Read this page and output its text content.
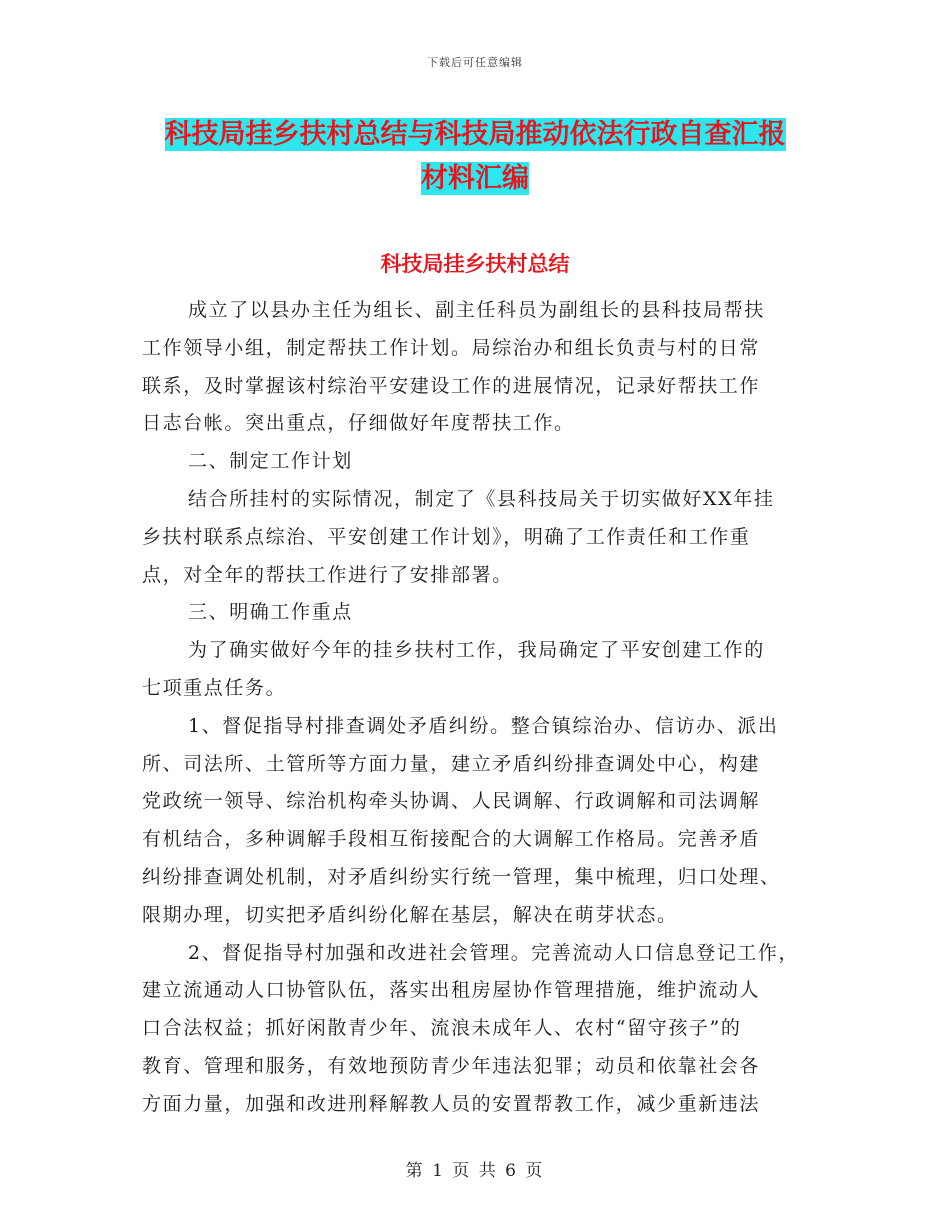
下载后可任意编辑
科技局挂乡扶村总结与科技局推动依法行政自查汇报
材料汇编
科技局挂乡扶村总结
成立了以县办主任为组长、副主任科员为副组长的县科技局帮扶
工作领导小组，制定帮扶工作计划。局综治办和组长负责与村的日常
联系，及时掌握该村综治平安建设工作的进展情况，记录好帮扶工作
日志台帐。突出重点，仔细做好年度帮扶工作。
二、制定工作计划
结合所挂村的实际情况，制定了《县科技局关于切实做好XX年挂
乡扶村联系点综治、平安创建工作计划》，明确了工作责任和工作重
点，对全年的帮扶工作进行了安排部署。
三、明确工作重点
为了确实做好今年的挂乡扶村工作，我局确定了平安创建工作的
七项重点任务。
1、督促指导村排查调处矛盾纠纷。整合镇综治办、信访办、派出
所、司法所、土管所等方面力量，建立矛盾纠纷排查调处中心，构建
党政统一领导、综治机构牵头协调、人民调解、行政调解和司法调解
有机结合，多种调解手段相互衔接配合的大调解工作格局。完善矛盾
纠纷排查调处机制，对矛盾纠纷实行统一管理，集中梳理，归口处理、
限期办理，切实把矛盾纠纷化解在基层，解决在萌芽状态。
2、督促指导村加强和改进社会管理。完善流动人口信息登记工作，
建立流通动人口协管队伍，落实出租房屋协作管理措施，维护流动人
口合法权益；抓好闲散青少年、流浪未成年人、农村“留守孩子”的
教育、管理和服务，有效地预防青少年违法犯罪；动员和依靠社会各
方面力量，加强和改进刑释解教人员的安置帮教工作，减少重新违法
第 1 页 共 6 页
